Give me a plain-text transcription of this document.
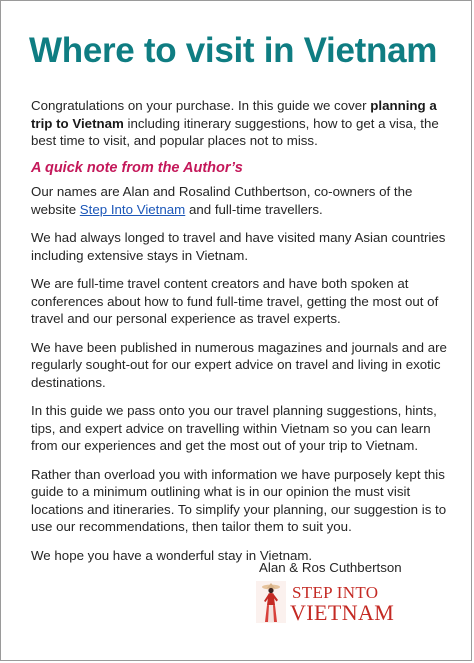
Where to visit in Vietnam

Congratulations on your purchase. In this guide we cover planning a trip to Vietnam including itinerary suggestions, how to get a visa, the best time to visit, and popular places not to miss.

A quick note from the Author’s

Our names are Alan and Rosalind Cuthbertson, co-owners of the website Step Into Vietnam and full-time travellers.

We had always longed to travel and have visited many Asian countries including extensive stays in Vietnam.

We are full-time travel content creators and have both spoken at conferences about how to fund full-time travel, getting the most out of travel and our personal experience as travel experts.

We have been published in numerous magazines and journals and are regularly sought-out for our expert advice on travel and living in exotic destinations.

In this guide we pass onto you our travel planning suggestions, hints, tips, and expert advice on travelling within Vietnam so you can learn from our experiences and get the most out of your trip to Vietnam.

Rather than overload you with information we have purposely kept this guide to a minimum outlining what is in our opinion the must visit locations and itineraries. To simplify your planning, our suggestion is to use our recommendations, then tailor them to suit you.

We hope you have a wonderful stay in Vietnam.

Alan & Ros Cuthbertson
STEP INTO
VIETNAM
